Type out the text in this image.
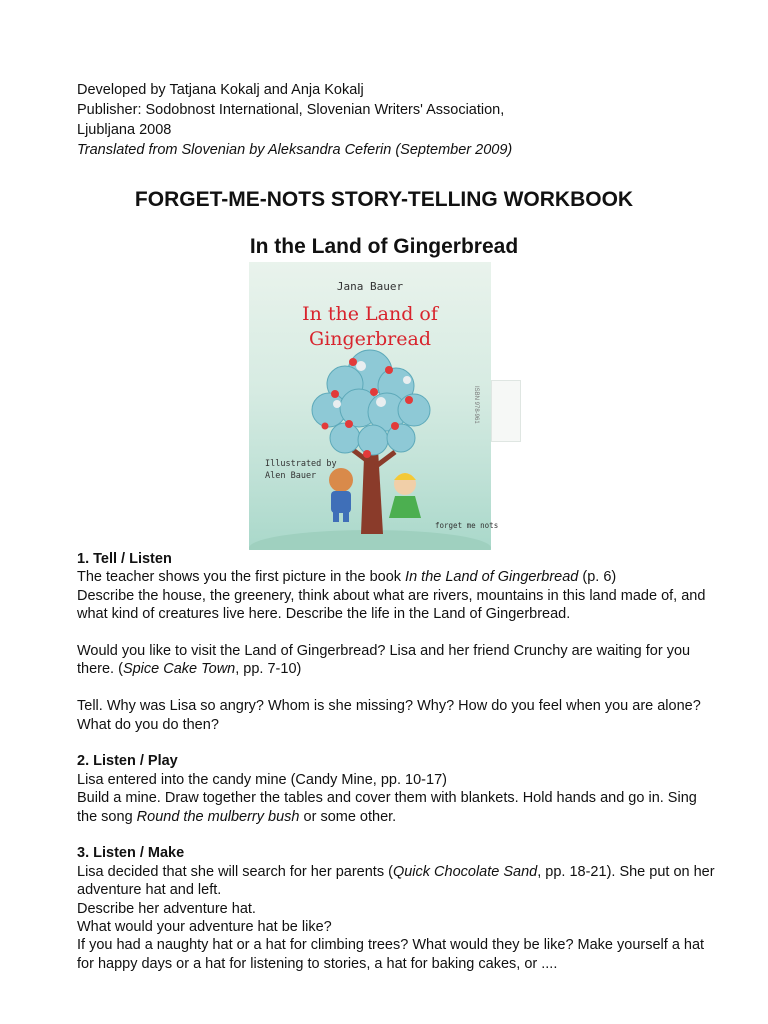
Developed by Tatjana Kokalj and Anja Kokalj
Publisher: Sodobnost International, Slovenian Writers' Association,
Ljubljana 2008
Translated from Slovenian by Aleksandra Ceferin (September 2009)
FORGET-ME-NOTS STORY-TELLING WORKBOOK
In the Land of Gingerbread
Jana Bauer
In the Land of
Gingerbread
Illustrated by
Alen Bauer
ISBN 978-961
forget me nots
1. Tell / Listen

The teacher shows you the first picture in the book In the Land of Gingerbread (p. 6)

Describe the house, the greenery, think about what are rivers, mountains in this land made of, and what kind of creatures live here. Describe the life in the Land of Gingerbread.

Would you like to visit the Land of Gingerbread? Lisa and her friend Crunchy are waiting for you there. (Spice Cake Town, pp. 7-10)

Tell. Why was Lisa so angry? Whom is she missing? Why? How do you feel when you are alone? What do you do then?

2. Listen / Play

Lisa entered into the candy mine (Candy Mine, pp. 10-17)

Build a mine. Draw together the tables and cover them with blankets. Hold hands and go in. Sing the song Round the mulberry bush or some other.

3. Listen / Make

Lisa decided that she will search for her parents (Quick Chocolate Sand, pp. 18-21). She put on her adventure hat and left.

Describe her adventure hat.

What would your adventure hat be like?

If you had a naughty hat or a hat for climbing trees? What would they be like? Make yourself a hat for happy days or a hat for listening to stories, a hat for baking cakes, or ....
